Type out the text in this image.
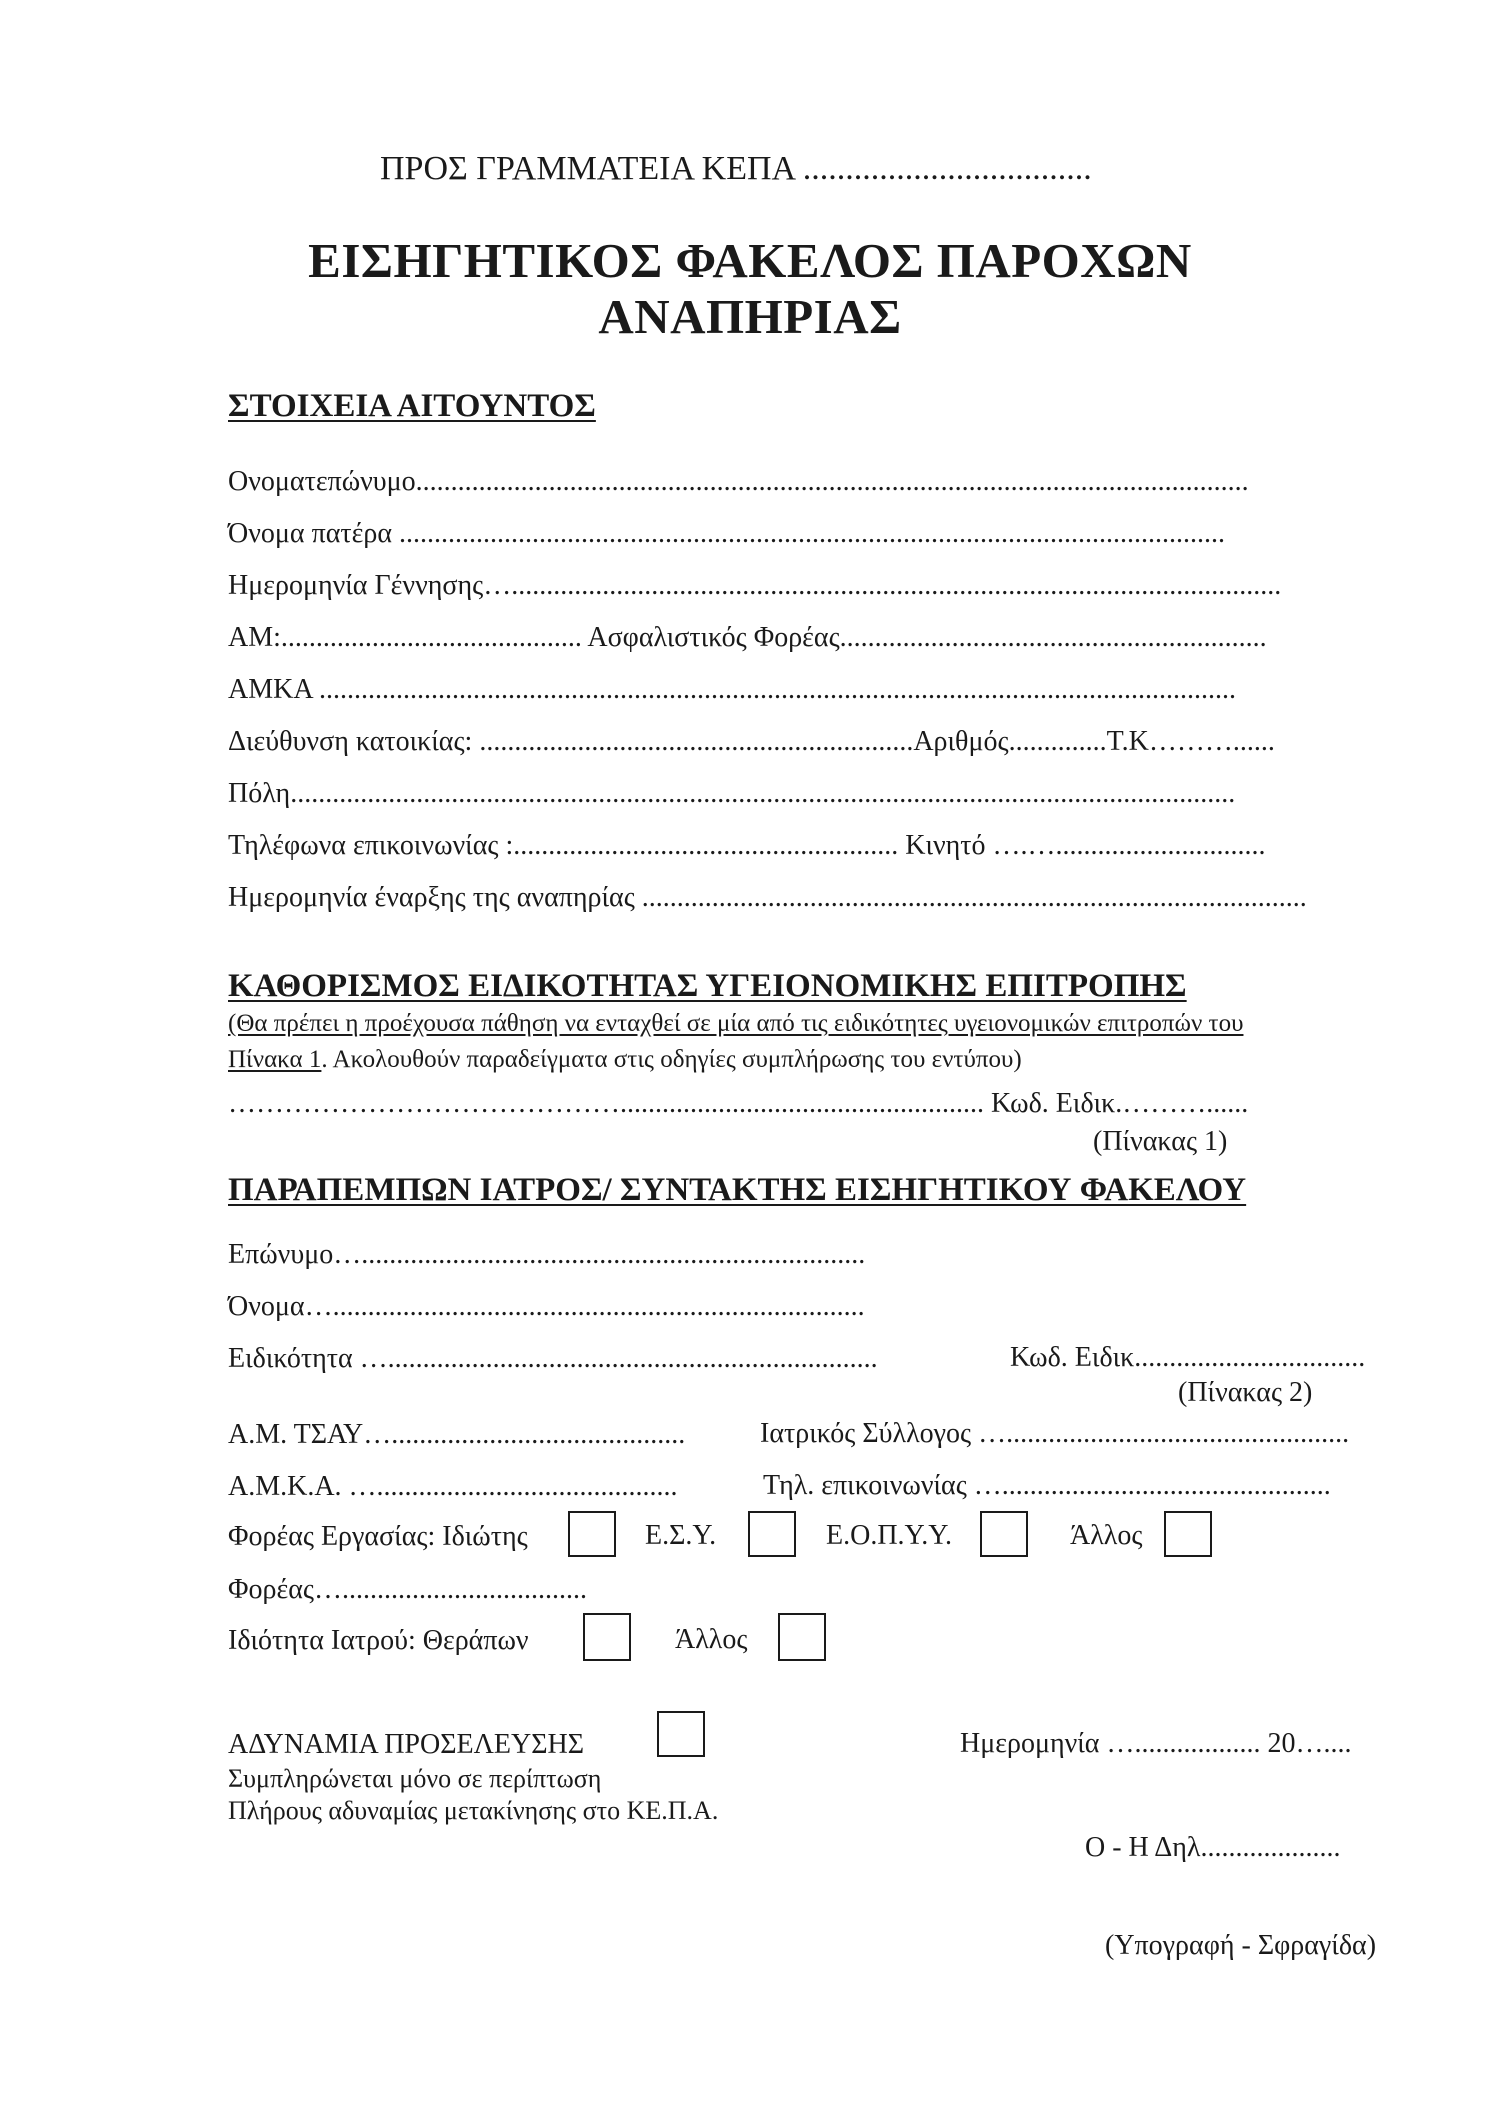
ΠΡΟΣ ΓΡΑΜΜΑΤΕΙΑ ΚΕΠΑ ..................................
ΕΙΣΗΓΗΤΙΚΟΣ ΦΑΚΕΛΟΣ ΠΑΡΟΧΩΝ
ΑΝΑΠΗΡΙΑΣ
ΣΤΟΙΧΕΙΑ ΑΙΤΟΥΝΤΟΣ
Ονοματεπώνυμο.......................................................................................................................
Όνομα πατέρα ......................................................................................................................
Ημερομηνία Γέννησης…..............................................................................................................
ΑΜ:........................................... Ασφαλιστικός Φορέας.............................................................
ΑΜΚΑ ...................................................................................................................................
Διεύθυνση κατοικίας: ..............................................................Αριθμός..............Τ.Κ………......
Πόλη.......................................................................................................................................
Τηλέφωνα επικοινωνίας :....................................................... Κινητό ….…..............................
Ημερομηνία έναρξης της αναπηρίας ...............................................................................................
ΚΑΘΟΡΙΣΜΟΣ ΕΙΔΙΚΟΤΗΤΑΣ ΥΓΕΙΟΝΟΜΙΚΗΣ ΕΠΙΤΡΟΠΗΣ
(Θα πρέπει η προέχουσα πάθηση να ενταχθεί σε μία από τις ειδικότητες υγειονομικών επιτροπών του
Πίνακα 1. Ακολουθούν παραδείγματα στις οδηγίες συμπλήρωσης του εντύπου)
…………………………………….................................................... Κωδ. Ειδικ.………......
(Πίνακας 1)
ΠΑΡΑΠΕΜΠΩΝ ΙΑΤΡΟΣ/ ΣΥΝΤΑΚΤΗΣ ΕΙΣΗΓΗΤΙΚΟΥ ΦΑΚΕΛΟΥ
Επώνυμο…........................................................................
Όνομα…............................................................................
Ειδικότητα …......................................................................	Κωδ. Ειδικ.................................
(Πίνακας 2)
Α.Μ. ΤΣΑΥ…..........................................	Ιατρικός Σύλλογος ….................................................
Α.Μ.Κ.Α. …...........................................	Τηλ. επικοινωνίας …...............................................
Φορέας Εργασίας: Ιδιώτης	Ε.Σ.Υ.	Ε.Ο.Π.Υ.Υ.	Άλλος
Φορέας…...................................
Ιδιότητα Ιατρού: Θεράπων	Άλλος
ΑΔΥΝΑΜΙΑ ΠΡΟΣΕΛΕΥΣΗΣ
Συμπληρώνεται μόνο σε περίπτωση
Πλήρους αδυναμίας μετακίνησης στο ΚΕ.Π.Α.
Ημερομηνία ….................. 20…....
Ο - Η Δηλ....................
(Υπογραφή - Σφραγίδα)
